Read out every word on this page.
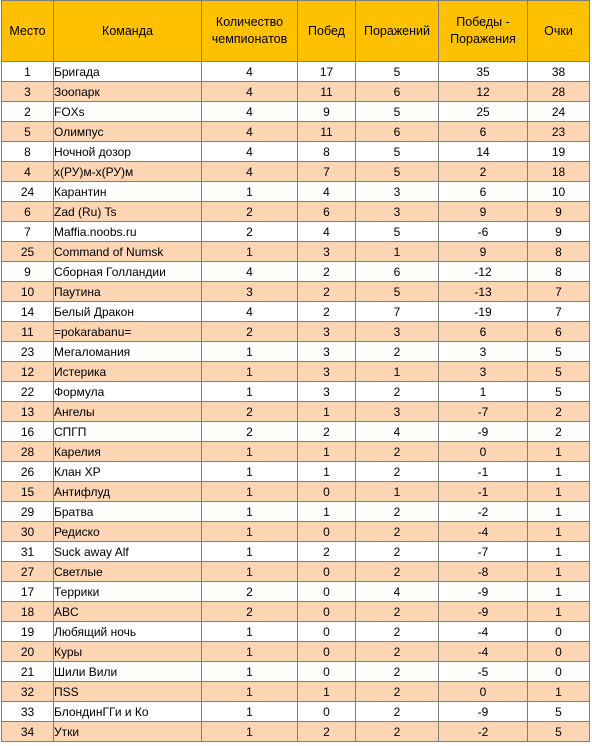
Место	Команда	Количество чемпионатов	Побед	Поражений	Победы - Поражения	Очки
1	Бригада	4	17	5	35	38
3	Зоопарк	4	11	6	12	28
2	FOXs	4	9	5	25	24
5	Олимпус	4	11	6	6	23
8	Ночной дозор	4	8	5	14	19
4	х(РУ)м-х(РУ)м	4	7	5	2	18
24	Карантин	1	4	3	6	10
6	Zad (Ru) Ts	2	6	3	9	9
7	Maffia.noobs.ru	2	4	5	-6	9
25	Command of Numsk	1	3	1	9	8
9	Сборная Голландии	4	2	6	-12	8
10	Паутина	3	2	5	-13	7
14	Белый Дракон	4	2	7	-19	7
11	=pokarabanu=	2	3	3	6	6
23	Мегаломания	1	3	2	3	5
12	Истерика	1	3	1	3	5
22	Формула	1	3	2	1	5
13	Ангелы	2	1	3	-7	2
16	СПГП	2	2	4	-9	2
28	Карелия	1	1	2	0	1
26	Клан XP	1	1	2	-1	1
15	Антифлуд	1	0	1	-1	1
29	Братва	1	1	2	-2	1
30	Редиско	1	0	2	-4	1
31	Suck away Alf	1	2	2	-7	1
27	Светлые	1	0	2	-8	1
17	Террики	2	0	4	-9	1
18	ABC	2	0	2	-9	1
19	Любящий ночь	1	0	2	-4	0
20	Куры	1	0	2	-4	0
21	Шили Вили	1	0	2	-5	0
32	ПSS	1	1	2	0	1
33	БлондинГГи и Ко	1	0	2	-9	5
34	Утки	1	2	2	-2	5
